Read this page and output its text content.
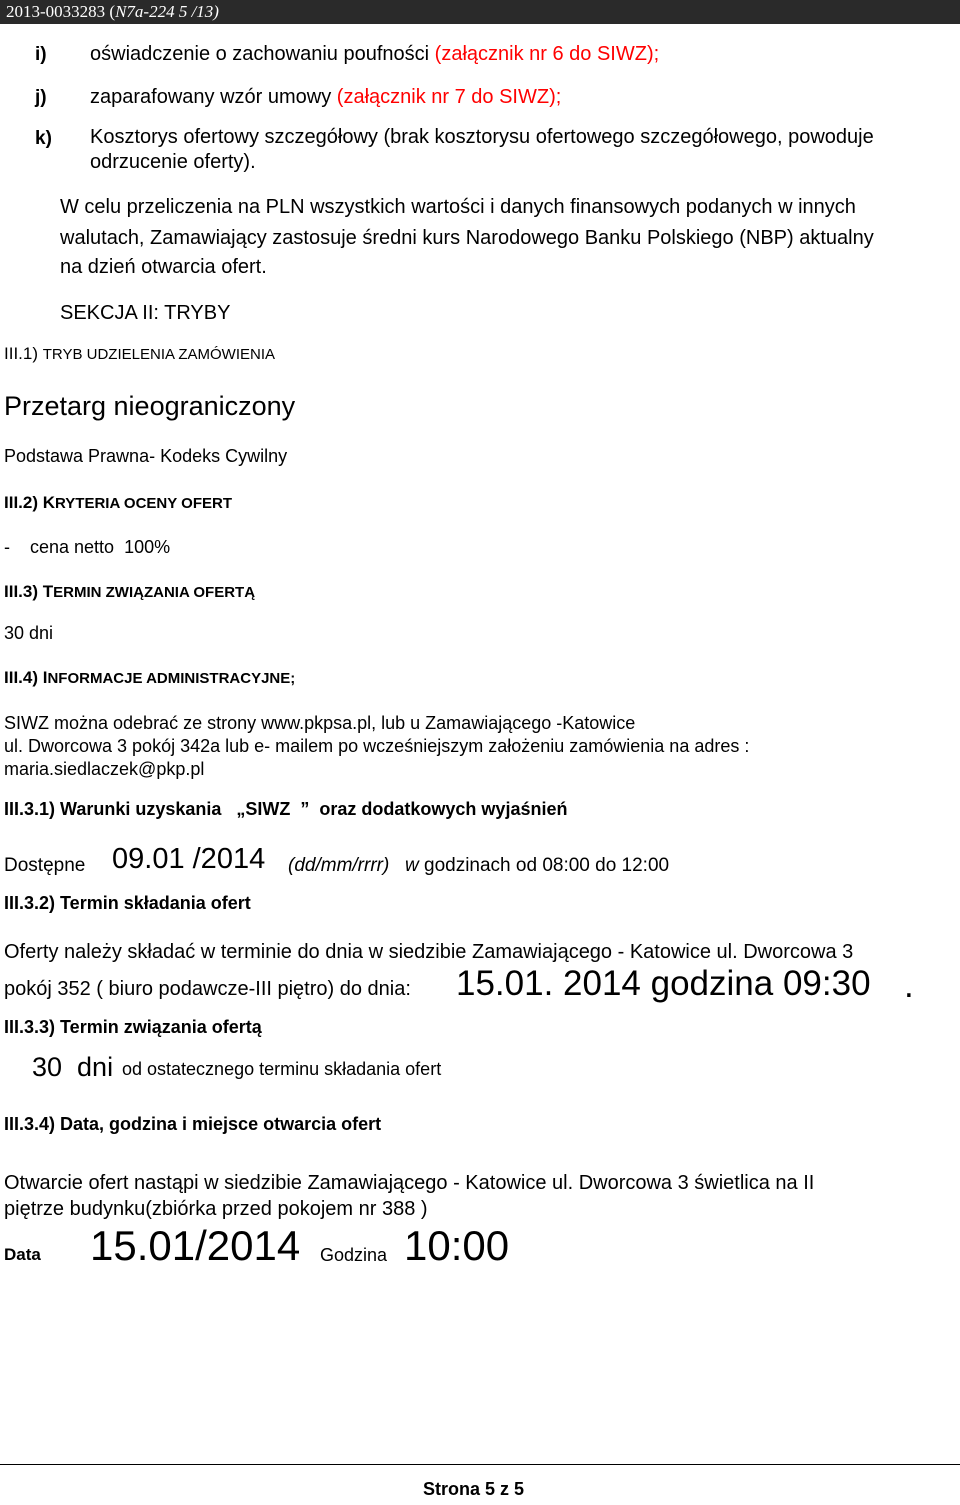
2013-0033283 (N7a-224 5 /13)
i) oświadczenie o zachowaniu poufności (załącznik nr 6 do SIWZ);
j) zaparafowany wzór umowy (załącznik nr 7 do SIWZ);
k) Kosztorys ofertowy szczegółowy (brak kosztorysu ofertowego szczegółowego, powoduje
odrzucenie oferty).
W celu przeliczenia na PLN wszystkich wartości i danych finansowych podanych w innych
walutach, Zamawiający zastosuje średni kurs Narodowego Banku Polskiego (NBP) aktualny
na dzień otwarcia ofert.
SEKCJA II: TRYBY
III.1) TRYB UDZIELENIA ZAMÓWIENIA
Przetarg nieograniczony
Podstawa Prawna- Kodeks Cywilny
III.2) KRYTERIA OCENY OFERT
-    cena netto  100%
III.3) TERMIN ZWIĄZANIA OFERTĄ
30 dni
III.4) INFORMACJE ADMINISTRACYJNE;
SIWZ można odebrać ze strony www.pkpsa.pl, lub u Zamawiającego -Katowice
ul. Dworcowa 3 pokój 342a lub e- mailem po wcześniejszym założeniu zamówienia na adres :
maria.siedlaczek@pkp.pl
III.3.1) Warunki uzyskania   „SIWZ  ”  oraz dodatkowych wyjaśnień
Dostępne 09.01 /2014 (dd/mm/rrrr) w godzinach od 08:00 do 12:00
III.3.2) Termin składania ofert
Oferty należy składać w terminie do dnia w siedzibie Zamawiającego - Katowice ul. Dworcowa 3
pokój 352 ( biuro podawcze-III piętro) do dnia: 15.01. 2014 godzina 09:30 .
III.3.3) Termin związania ofertą
30  dni od ostatecznego terminu składania ofert
III.3.4) Data, godzina i miejsce otwarcia ofert
Otwarcie ofert nastąpi w siedzibie Zamawiającego - Katowice ul. Dworcowa 3 świetlica na II
piętrze budynku(zbiórka przed pokojem nr 388 )
Data 15.01/2014 Godzina 10:00
Strona 5 z 5
